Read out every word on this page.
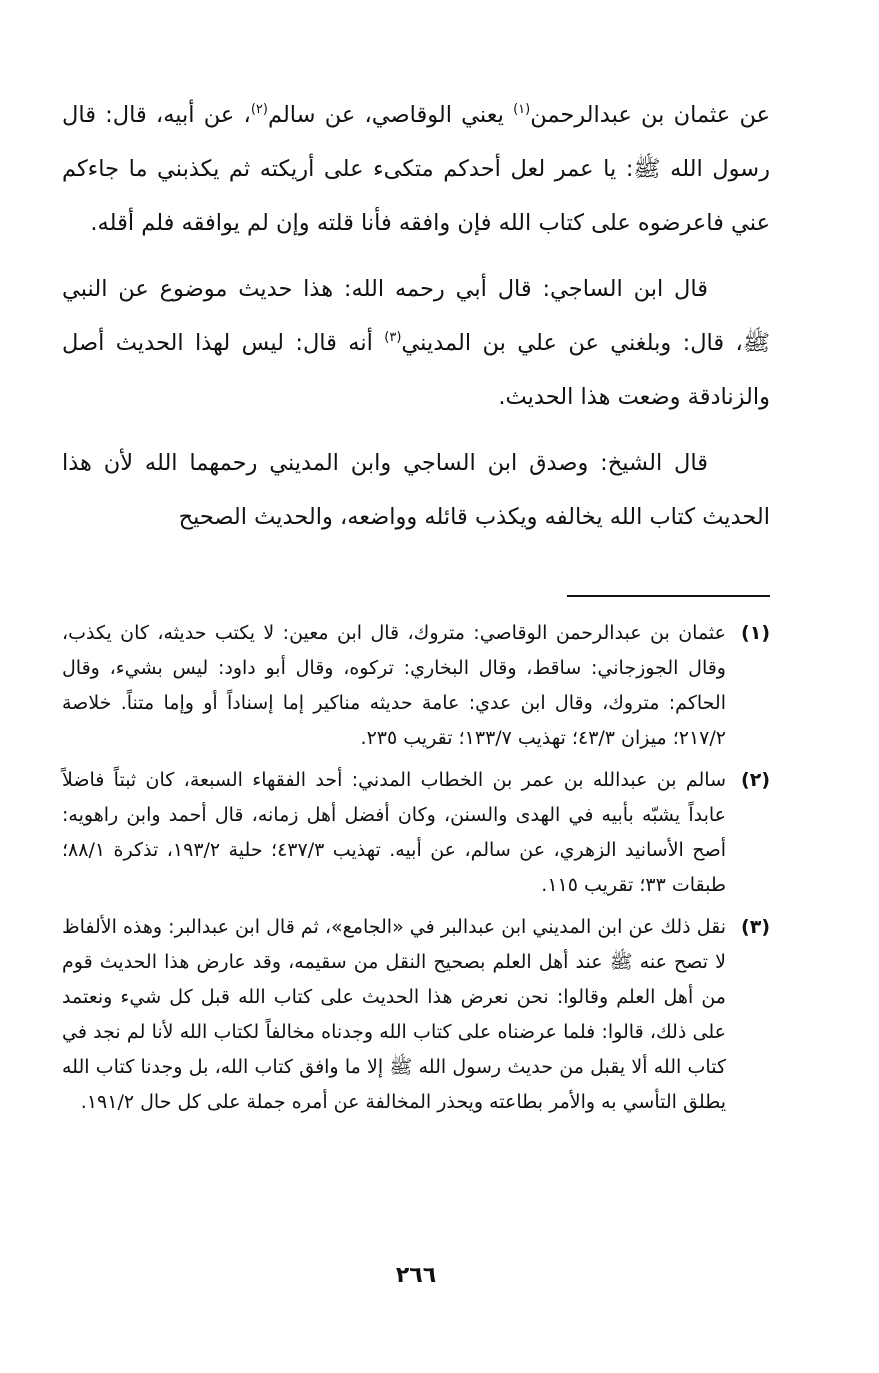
عن عثمان بن عبدالرحمن$^{(١)}$ يعني الوقاصي، عن سالم$^{(٢)}$، عن أبيه، قال: قال رسول الله ﷺ: يا عمر لعل أحدكم متكىء على أريكته ثم يكذبني ما جاءكم عني فاعرضوه على كتاب الله فإن وافقه فأنا قلته وإن لم يوافقه فلم أقله.

قال ابن الساجي: قال أبي رحمه الله: هذا حديث موضوع عن النبي ﷺ، قال: وبلغني عن علي بن المديني$^{(٣)}$ أنه قال: ليس لهذا الحديث أصل والزنادقة وضعت هذا الحديث.

قال الشيخ: وصدق ابن الساجي وابن المديني رحمهما الله لأن هذا الحديث كتاب الله يخالفه ويكذب قائله وواضعه، والحديث الصحيح

(١)
عثمان بن عبدالرحمن الوقاصي: متروك، قال ابن معين: لا يكتب حديثه، كان يكذب، وقال الجوزجاني: ساقط، وقال البخاري: تركوه، وقال أبو داود: ليس بشيء، وقال الحاكم: متروك، وقال ابن عدي: عامة حديثه مناكير إما إسناداً أو وإما متناً. خلاصة ٢١٧/٢؛ ميزان ٤٣/٣؛ تهذيب ١٣٣/٧؛ تقريب ٢٣٥.
(٢)
سالم بن عبدالله بن عمر بن الخطاب المدني: أحد الفقهاء السبعة، كان ثبتاً فاضلاً عابداً يشبّه بأبيه في الهدى والسنن، وكان أفضل أهل زمانه، قال أحمد وابن راهويه: أصح الأسانيد الزهري، عن سالم، عن أبيه. تهذيب ٤٣٧/٣؛ حلية ١٩٣/٢، تذكرة ٨٨/١؛ طبقات ٣٣؛ تقريب ١١٥.
(٣)
نقل ذلك عن ابن المديني ابن عبدالبر في «الجامع»، ثم قال ابن عبدالبر: وهذه الألفاظ لا تصح عنه ﷺ عند أهل العلم بصحيح النقل من سقيمه، وقد عارض هذا الحديث قوم من أهل العلم وقالوا: نحن نعرض هذا الحديث على كتاب الله قبل كل شيء ونعتمد على ذلك، قالوا: فلما عرضناه على كتاب الله وجدناه مخالفاً لكتاب الله لأنا لم نجد في كتاب الله ألا يقبل من حديث رسول الله ﷺ إلا ما وافق كتاب الله، بل وجدنا كتاب الله يطلق التأسي به والأمر بطاعته ويحذر المخالفة عن أمره جملة على كل حال ١٩١/٢.
٢٦٦
